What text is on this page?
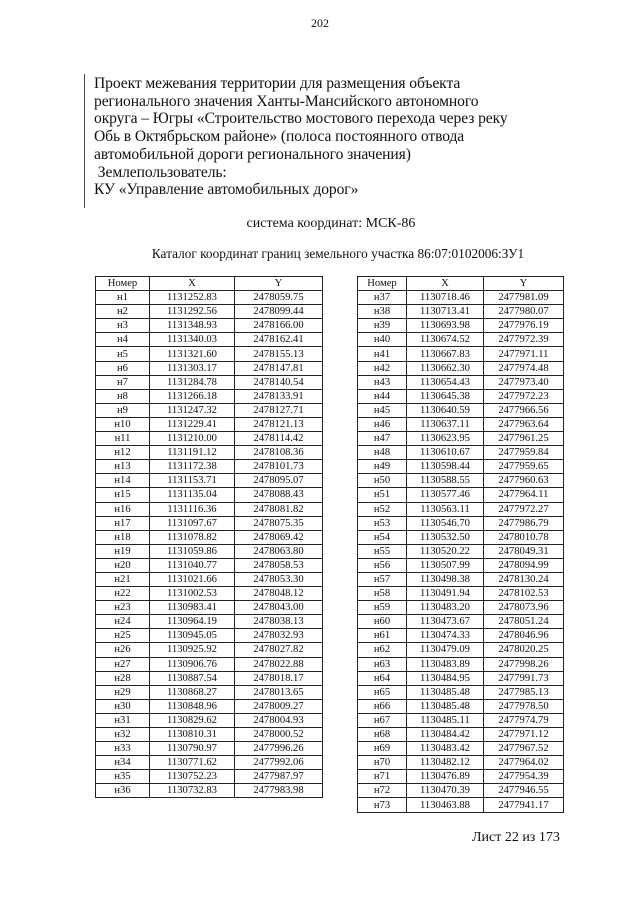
202
Проект межевания территории для размещения объекта
регионального значения Ханты-Мансийского автономного
округа – Югры «Строительство мостового перехода через реку
Обь в Октябрьском районе» (полоса постоянного отвода
автомобильной дороги регионального значения)
Землепользователь:
КУ «Управление автомобильных дорог»
система координат: МСК-86
Каталог координат границ земельного участка 86:07:0102006:ЗУ1
Номер	X	Y
н1	1131252.83	2478059.75
н2	1131292.56	2478099.44
н3	1131348.93	2478166.00
н4	1131340.03	2478162.41
н5	1131321.60	2478155.13
н6	1131303.17	2478147.81
н7	1131284.78	2478140.54
н8	1131266.18	2478133.91
н9	1131247.32	2478127.71
н10	1131229.41	2478121.13
н11	1131210.00	2478114.42
н12	1131191.12	2478108.36
н13	1131172.38	2478101.73
н14	1131153.71	2478095.07
н15	1131135.04	2478088.43
н16	1131116.36	2478081.82
н17	1131097.67	2478075.35
н18	1131078.82	2478069.42
н19	1131059.86	2478063.80
н20	1131040.77	2478058.53
н21	1131021.66	2478053.30
н22	1131002.53	2478048.12
н23	1130983.41	2478043.00
н24	1130964.19	2478038.13
н25	1130945.05	2478032.93
н26	1130925.92	2478027.82
н27	1130906.76	2478022.88
н28	1130887.54	2478018.17
н29	1130868.27	2478013.65
н30	1130848.96	2478009.27
н31	1130829.62	2478004.93
н32	1130810.31	2478000.52
н33	1130790.97	2477996.26
н34	1130771.62	2477992.06
н35	1130752.23	2477987.97
н36	1130732.83	2477983.98
Номер	X	Y
н37	1130718.46	2477981.09
н38	1130713.41	2477980.07
н39	1130693.98	2477976.19
н40	1130674.52	2477972.39
н41	1130667.83	2477971.11
н42	1130662.30	2477974.48
н43	1130654.43	2477973.40
н44	1130645.38	2477972.23
н45	1130640.59	2477966.56
н46	1130637.11	2477963.64
н47	1130623.95	2477961.25
н48	1130610.67	2477959.84
н49	1130598.44	2477959.65
н50	1130588.55	2477960.63
н51	1130577.46	2477964.11
н52	1130563.11	2477972.27
н53	1130546.70	2477986.79
н54	1130532.50	2478010.78
н55	1130520.22	2478049.31
н56	1130507.99	2478094.99
н57	1130498.38	2478130.24
н58	1130491.94	2478102.53
н59	1130483.20	2478073.96
н60	1130473.67	2478051.24
н61	1130474.33	2478046.96
н62	1130479.09	2478020.25
н63	1130483.89	2477998.26
н64	1130484.95	2477991.73
н65	1130485.48	2477985.13
н66	1130485.48	2477978.50
н67	1130485.11	2477974.79
н68	1130484.42	2477971.12
н69	1130483.42	2477967.52
н70	1130482.12	2477964.02
н71	1130476.89	2477954.39
н72	1130470.39	2477946.55
н73	1130463.88	2477941.17
Лист 22 из 173
